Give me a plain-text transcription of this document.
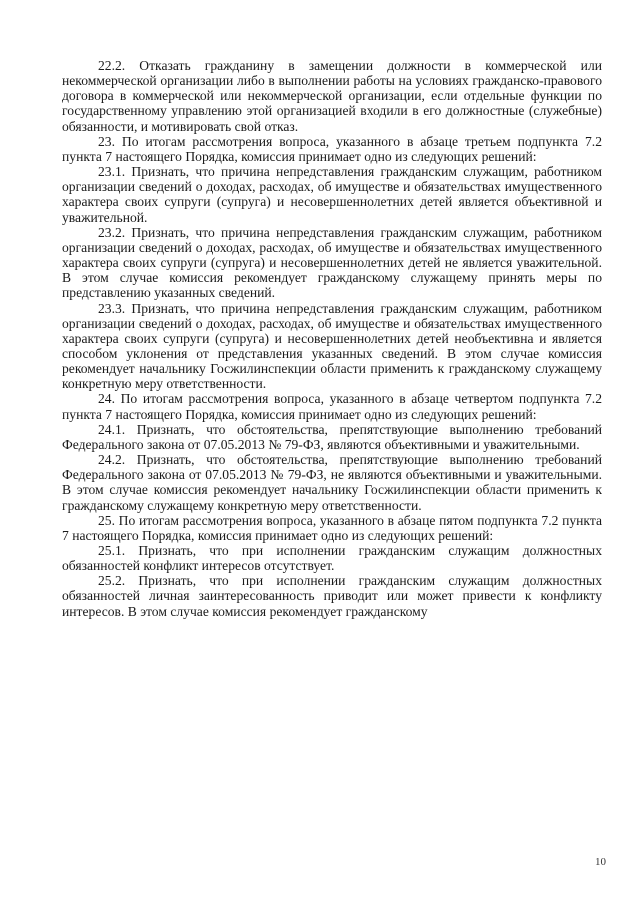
22.2. Отказать гражданину в замещении должности в коммерческой или некоммерческой организации либо в выполнении работы на условиях гражданско-правового договора в коммерческой или некоммерческой организации, если отдельные функции по государственному управлению этой организацией входили в его должностные (служебные) обязанности, и мотивировать свой отказ.

23. По итогам рассмотрения вопроса, указанного в абзаце третьем подпункта 7.2 пункта 7 настоящего Порядка, комиссия принимает одно из следующих решений:

23.1. Признать, что причина непредставления гражданским служащим, работником организации сведений о доходах, расходах, об имуществе и обязательствах имущественного характера своих супруги (супруга) и несовершеннолетних детей является объективной и уважительной.

23.2. Признать, что причина непредставления гражданским служащим, работником организации сведений о доходах, расходах, об имуществе и обязательствах имущественного характера своих супруги (супруга) и несовершеннолетних детей не является уважительной. В этом случае комиссия рекомендует гражданскому служащему принять меры по представлению указанных сведений.

23.3. Признать, что причина непредставления гражданским служащим, работником организации сведений о доходах, расходах, об имуществе и обязательствах имущественного характера своих супруги (супруга) и несовершеннолетних детей необъективна и является способом уклонения от представления указанных сведений. В этом случае комиссия рекомендует начальнику Госжилинспекции области применить к гражданскому служащему конкретную меру ответственности.

24. По итогам рассмотрения вопроса, указанного в абзаце четвертом подпункта 7.2 пункта 7 настоящего Порядка, комиссия принимает одно из следующих решений:

24.1. Признать, что обстоятельства, препятствующие выполнению требований Федерального закона от 07.05.2013 № 79-ФЗ, являются объективными и уважительными.

24.2. Признать, что обстоятельства, препятствующие выполнению требований Федерального закона от 07.05.2013 № 79-ФЗ, не являются объективными и уважительными. В этом случае комиссия рекомендует начальнику Госжилинспекции области применить к гражданскому служащему конкретную меру ответственности.

25. По итогам рассмотрения вопроса, указанного в абзаце пятом подпункта 7.2 пункта 7 настоящего Порядка, комиссия принимает одно из следующих решений:

25.1. Признать, что при исполнении гражданским служащим должностных обязанностей конфликт интересов отсутствует.

25.2. Признать, что при исполнении гражданским служащим должностных обязанностей личная заинтересованность приводит или может привести к конфликту интересов. В этом случае комиссия рекомендует гражданскому

10
